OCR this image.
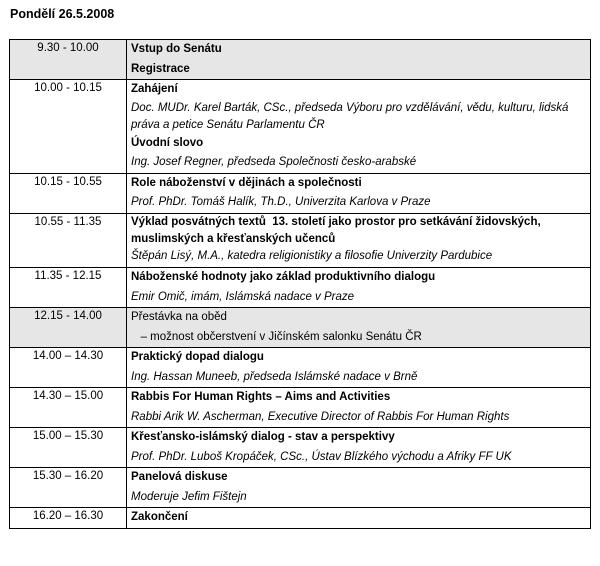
Pondělí 26.5.2008
9.30 - 10.00	Vstup do Senátu
Registrace

10.00 - 10.15	Zahájení
Doc. MUDr. Karel Barták, CSc., předseda Výboru pro vzdělávání, vědu, kulturu, lidská práva a petice Senátu Parlamentu ČR
Úvodní slovo
Ing. Josef Regner, předseda Společnosti česko-arabské

10.15 - 10.55	Role náboženství v dějinách a společnosti
Prof. PhDr. Tomáš Halík, Th.D., Univerzita Karlova v Praze

10.55 - 11.35	Výklad posvátných textů  13. století jako prostor pro setkávání židovských, muslimských a křesťanských učenců
Štěpán Lisý, M.A., katedra religionistiky a filosofie Univerzity Pardubice

11.35 - 12.15	Náboženské hodnoty jako základ produktivního dialogu
Emir Omič, imám, Islámská nadace v Praze

12.15 - 14.00	Přestávka na oběd
– možnost občerstvení v Jičínském salonku Senátu ČR

14.00 – 14.30	Praktický dopad dialogu
Ing. Hassan Muneeb, předseda Islámské nadace v Brně

14.30 – 15.00	Rabbis For Human Rights – Aims and Activities
Rabbi Arik W. Ascherman, Executive Director of Rabbis For Human Rights

15.00 – 15.30	Křesťansko-islámský dialog - stav a perspektivy
Prof. PhDr. Luboš Kropáček, CSc., Ústav Blízkého východu a Afriky FF UK

15.30 – 16.20	Panelová diskuse
Moderuje Jefim Fištejn

16.20 – 16.30	Zakončení
